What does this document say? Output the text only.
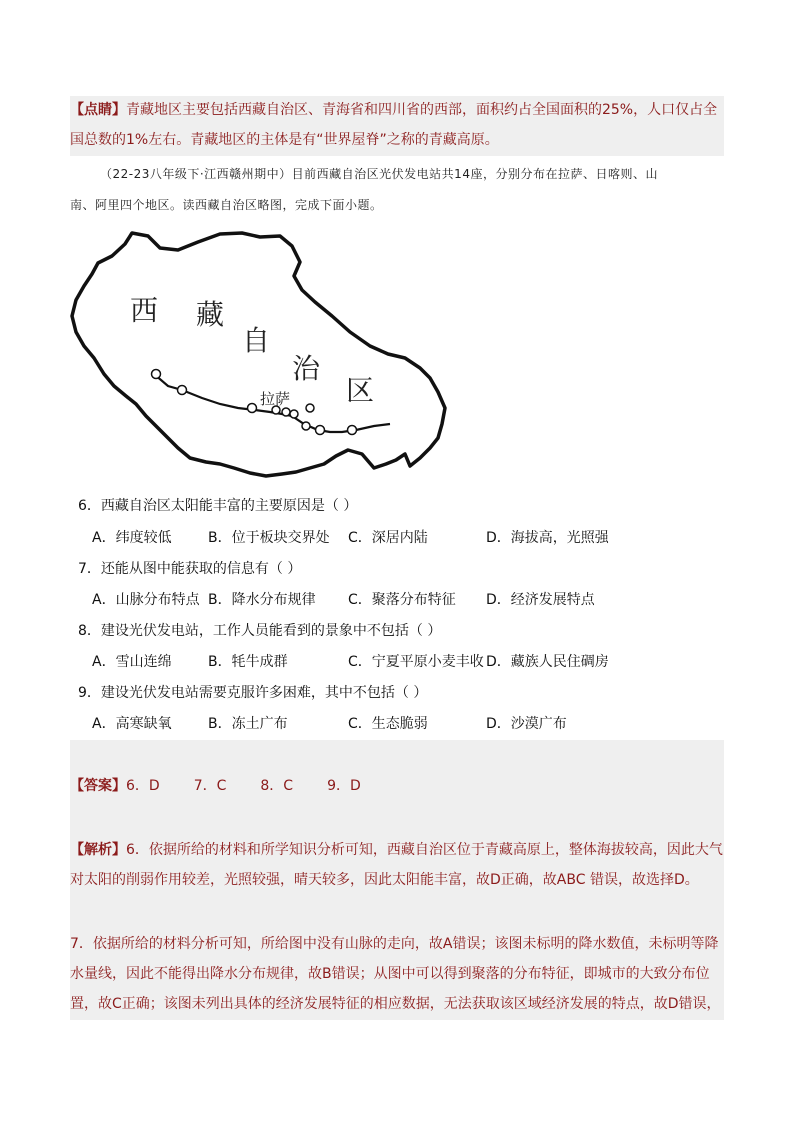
【点睛】青藏地区主要包括西藏自治区、青海省和四川省的西部，面积约占全国面积的25%，人口仅占全
国总数的1%左右。青藏地区的主体是有“世界屋脊”之称的青藏高原。
（22-23八年级下·江西赣州期中）目前西藏自治区光伏发电站共14座，分别分布在拉萨、日喀则、山
南、阿里四个地区。读西藏自治区略图，完成下面小题。
西 藏
自
治
区
拉萨
6．西藏自治区太阳能丰富的主要原因是（ ）
A．纬度较低	B．位于板块交界处 C．深居内陆	D．海拔高，光照强
7．还能从图中能获取的信息有（ ）
A．山脉分布特点 B．降水分布规律 C．聚落分布特征 D．经济发展特点
8．建设光伏发电站，工作人员能看到的景象中不包括（ ）
A．雪山连绵	B．牦牛成群	C．宁夏平原小麦丰收 D．藏族人民住碉房
9．建设光伏发电站需要克服许多困难，其中不包括（ ）
A．高寒缺氧	B．冻土广布	C．生态脆弱	D．沙漠广布
【答案】6．D 7．C 8．C 9．D
【解析】6．依据所给的材料和所学知识分析可知，西藏自治区位于青藏高原上，整体海拔较高，因此大气
对太阳的削弱作用较差，光照较强，晴天较多，因此太阳能丰富，故D正确，故ABC 错误，故选择D。
7．依据所给的材料分析可知，所给图中没有山脉的走向，故A错误；该图未标明的降水数值，未标明等降
水量线，因此不能得出降水分布规律，故B错误；从图中可以得到聚落的分布特征，即城市的大致分布位
置，故C正确；该图未列出具体的经济发展特征的相应数据，无法获取该区域经济发展的特点，故D错误，
